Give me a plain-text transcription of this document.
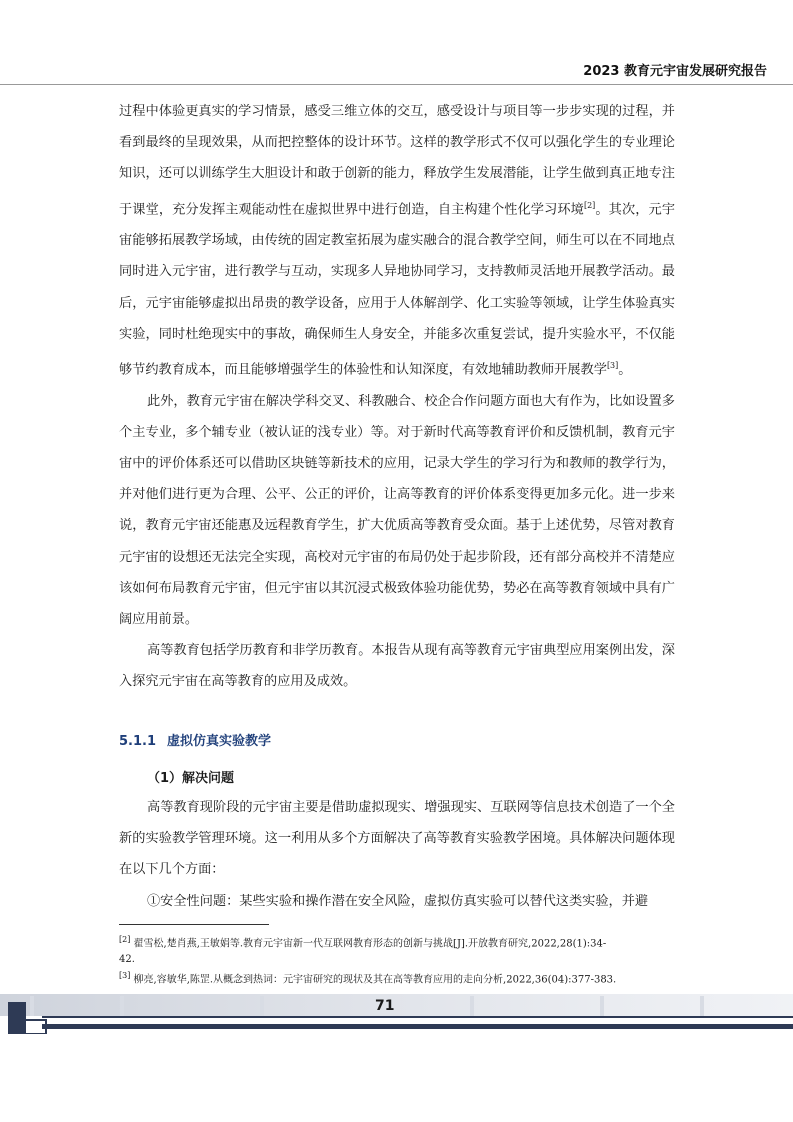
2023 教育元宇宙发展研究报告

过程中体验更真实的学习情景，感受三维立体的交互，感受设计与项目等一步步实现的过程，并看到最终的呈现效果，从而把控整体的设计环节。这样的教学形式不仅可以强化学生的专业理论知识，还可以训练学生大胆设计和敢于创新的能力，释放学生发展潜能，让学生做到真正地专注于课堂，充分发挥主观能动性在虚拟世界中进行创造，自主构建个性化学习环境[2]。其次，元宇宙能够拓展教学场域，由传统的固定教室拓展为虚实融合的混合教学空间，师生可以在不同地点同时进入元宇宙，进行教学与互动，实现多人异地协同学习，支持教师灵活地开展教学活动。最后，元宇宙能够虚拟出昂贵的教学设备，应用于人体解剖学、化工实验等领域，让学生体验真实实验，同时杜绝现实中的事故，确保师生人身安全，并能多次重复尝试，提升实验水平，不仅能够节约教育成本，而且能够增强学生的体验性和认知深度，有效地辅助教师开展教学[3]。

此外，教育元宇宙在解决学科交叉、科教融合、校企合作问题方面也大有作为，比如设置多个主专业，多个辅专业（被认证的浅专业）等。对于新时代高等教育评价和反馈机制，教育元宇宙中的评价体系还可以借助区块链等新技术的应用，记录大学生的学习行为和教师的教学行为，并对他们进行更为合理、公平、公正的评价，让高等教育的评价体系变得更加多元化。进一步来说，教育元宇宙还能惠及远程教育学生，扩大优质高等教育受众面。基于上述优势，尽管对教育元宇宙的设想还无法完全实现，高校对元宇宙的布局仍处于起步阶段，还有部分高校并不清楚应该如何布局教育元宇宙，但元宇宙以其沉浸式极致体验功能优势，势必在高等教育领域中具有广阔应用前景。

高等教育包括学历教育和非学历教育。本报告从现有高等教育元宇宙典型应用案例出发，深入探究元宇宙在高等教育的应用及成效。

5.1.1 虚拟仿真实验教学
（1）解决问题

高等教育现阶段的元宇宙主要是借助虚拟现实、增强现实、互联网等信息技术创造了一个全新的实验教学管理环境。这一利用从多个方面解决了高等教育实验教学困境。具体解决问题体现在以下几个方面：

①安全性问题：某些实验和操作潜在安全风险，虚拟仿真实验可以替代这类实验，并避

[2] 翟雪松,楚肖燕,王敏娟等.教育元宇宙新一代互联网教育形态的创新与挑战[J].开放教育研究,2022,28(1):34-42.

[3] 柳亮,容敏华,陈罡.从概念到热词：元宇宙研究的现状及其在高等教育应用的走向分析,2022,36(04):377-383.

71
